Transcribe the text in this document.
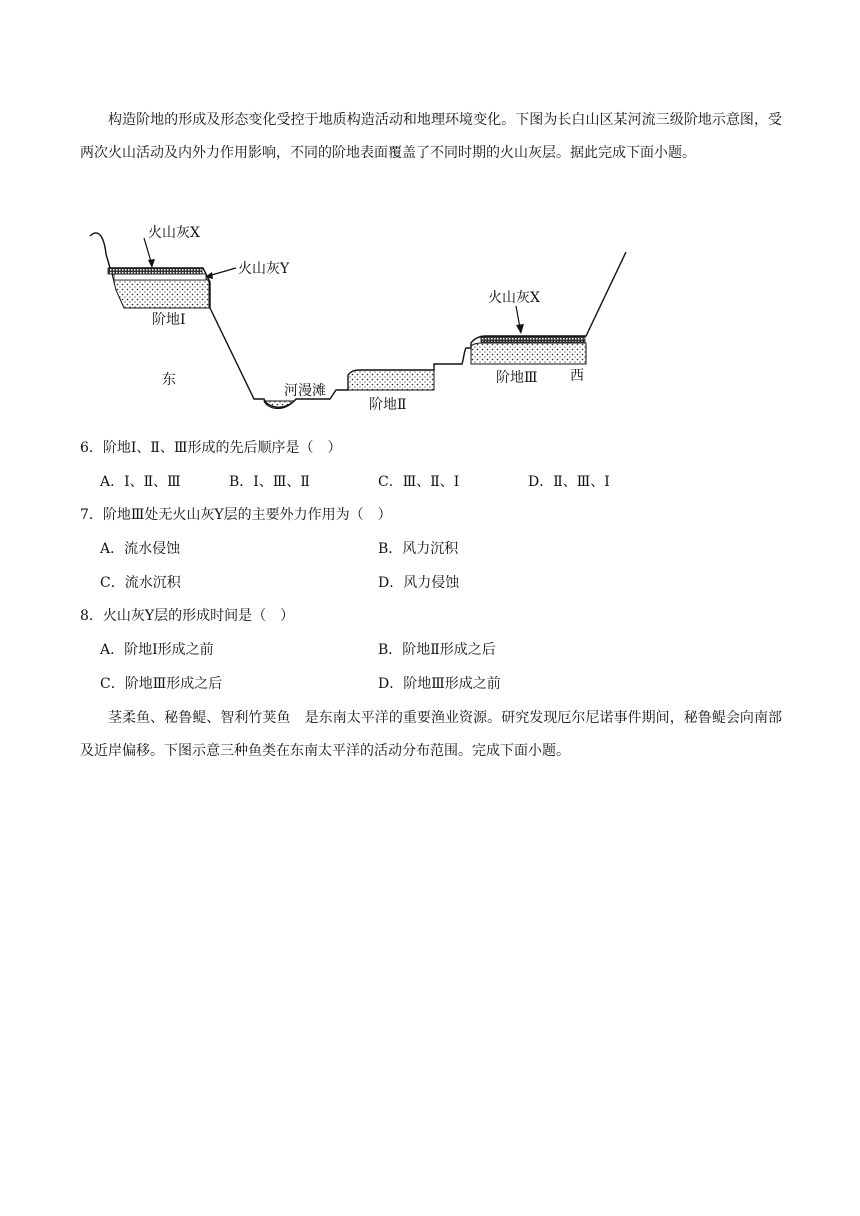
构造阶地的形成及形态变化受控于地质构造活动和地理环境变化。下图为长白山区某河流三级阶地示意图，受两次火山活动及内外力作用影响，不同的阶地表面覆盖了不同时期的火山灰层。据此完成下面小题。
火山灰X
火山灰Y
阶地I
东
河漫滩
阶地Ⅱ
火山灰X
阶地Ⅲ 西
6．阶地I、Ⅱ、Ⅲ形成的先后顺序是（　）
A．I、Ⅱ、Ⅲ	B．I、Ⅲ、Ⅱ	C．Ⅲ、Ⅱ、I	D．Ⅱ、Ⅲ、I
7．阶地Ⅲ处无火山灰Y层的主要外力作用为（　）
A．流水侵蚀	B．风力沉积
C．流水沉积	D．风力侵蚀
8．火山灰Y层的形成时间是（　）
A．阶地I形成之前	B．阶地Ⅱ形成之后
C．阶地Ⅲ形成之后	D．阶地Ⅲ形成之前
茎柔鱼、秘鲁鳀、智利竹荚鱼　是东南太平洋的重要渔业资源。研究发现厄尔尼诺事件期间，秘鲁鳀会向南部及近岸偏移。下图示意三种鱼类在东南太平洋的活动分布范围。完成下面小题。
